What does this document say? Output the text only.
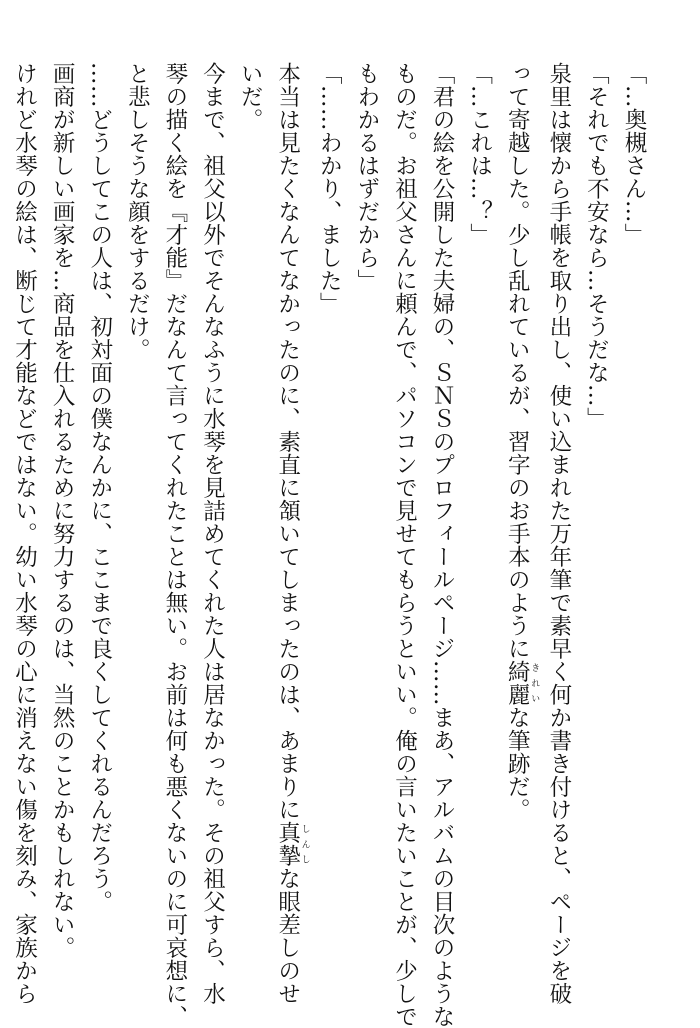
「…奥槻さん…」
「それでも不安なら…そうだな…」
泉里は懐から手帳を取り出し、使い込まれた万年筆で素早く何か書き付けると、ページを破
って寄越した。少し乱れているが、習字のお手本のように綺麗 きれいな筆跡だ。
「…これは…？」
「君の絵を公開した夫婦の、ＳＮＳのプロフィールページ……まあ、アルバムの目次のような
ものだ。お祖父さんに頼んで、パソコンで見せてもらうといい。俺の言いたいことが、少しで
もわかるはずだから」
「……わかり、ました」
本当は見たくなんてなかったのに、素直に頷いてしまったのは、あまりに真摯 しんしな眼差しのせ
いだ。
今まで、祖父以外でそんなふうに水琴を見詰めてくれた人は居なかった。その祖父すら、水
琴の描く絵を『才能』だなんて言ってくれたことは無い。お前は何も悪くないのに可哀想に、
と悲しそうな顔をするだけ。
……どうしてこの人は、初対面の僕なんかに、ここまで良くしてくれるんだろう。
画商が新しい画家を…商品を仕入れるために努力するのは、当然のことかもしれない。
けれど水琴の絵は、断じて才能などではない。幼い水琴の心に消えない傷を刻み、家族から
